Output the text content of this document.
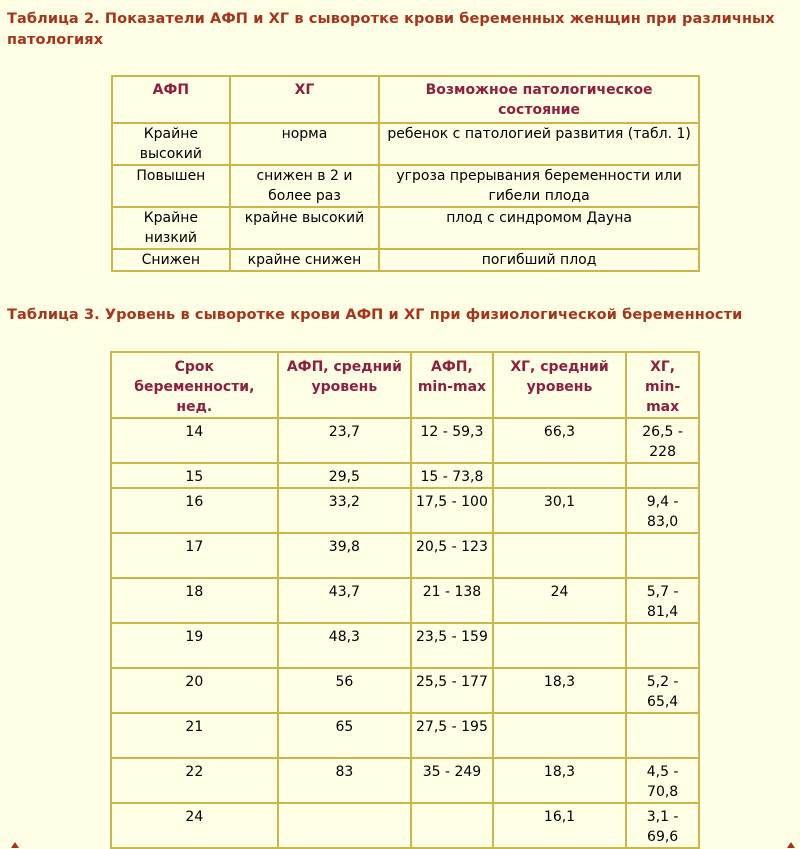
Таблица 2. Показатели АФП и ХГ в сыворотке крови беременных женщин при различных патологиях
АФП	ХГ	Возможное патологическое состояние
Крайне высокий	норма	ребенок с патологией развития (табл. 1)
Повышен	снижен в 2 и более раз	угроза прерывания беременности или гибели плода
Крайне низкий	крайне высокий	плод с синдромом Дауна
Снижен	крайне снижен	погибший плод
Таблица 3. Уровень в сыворотке крови АФП и ХГ при физиологической беременности
Срок беременности, нед.	АФП, средний уровень	АФП, min-max	ХГ, средний уровень	ХГ, min-max
14	23,7	12 - 59,3	66,3	26,5 - 228
15	29,5	15 - 73,8		
16	33,2	17,5 - 100	30,1	9,4 - 83,0
17	39,8	20,5 - 123		
18	43,7	21 - 138	24	5,7 - 81,4
19	48,3	23,5 - 159		
20	56	25,5 - 177	18,3	5,2 - 65,4
21	65	27,5 - 195		
22	83	35 - 249	18,3	4,5 - 70,8
24			16,1	3,1 - 69,6
